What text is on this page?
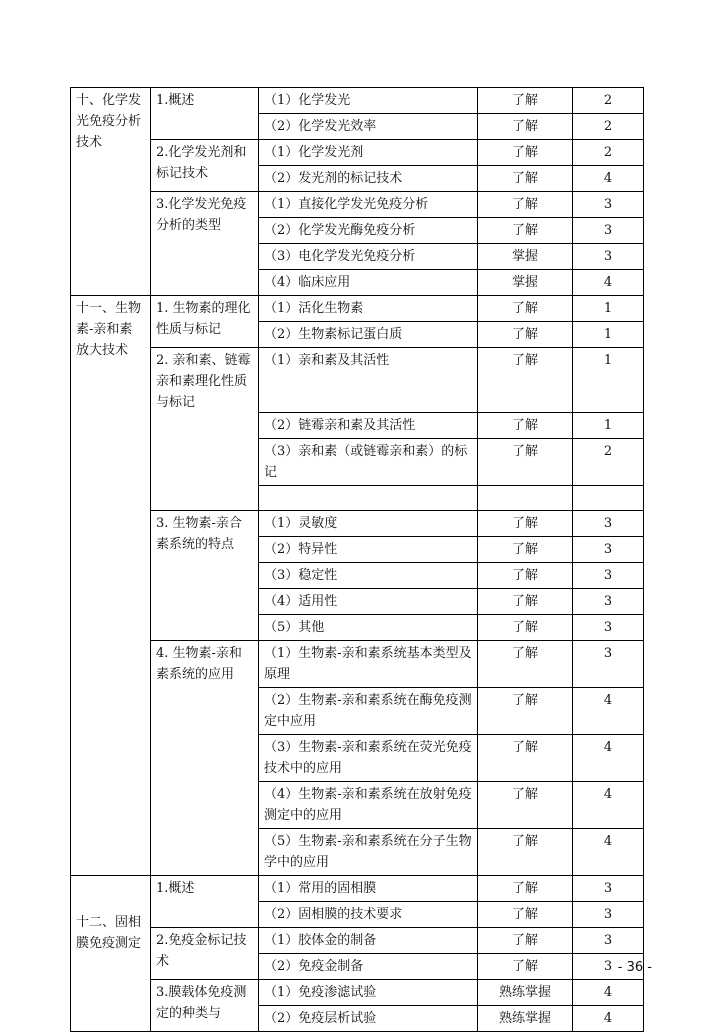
十、化学发光免疫分析技术	1.概述	（1）化学发光	了解	2
		（2）化学发光效率	了解	2
	2.化学发光剂和标记技术	（1）化学发光剂	了解	2
		（2）发光剂的标记技术	了解	4
	3.化学发光免疫分析的类型	（1）直接化学发光免疫分析	了解	3
		（2）化学发光酶免疫分析	了解	3
		（3）电化学发光免疫分析	掌握	3
		（4）临床应用	掌握	4
十一、生物素-亲和素放大技术	1. 生物素的理化性质与标记	（1）活化生物素	了解	1
		（2）生物素标记蛋白质	了解	1
	2. 亲和素、链霉亲和素理化性质与标记	（1）亲和素及其活性	了解	1
		（2）链霉亲和素及其活性	了解	1
		（3）亲和素（或链霉亲和素）的标记	了解	2

	3. 生物素-亲合素系统的特点	（1）灵敏度	了解	3
		（2）特异性	了解	3
		（3）稳定性	了解	3
		（4）适用性	了解	3
		（5）其他	了解	3
	4. 生物素-亲和素系统的应用	（1）生物素-亲和素系统基本类型及原理	了解	3
		（2）生物素-亲和素系统在酶免疫测定中应用	了解	4
		（3）生物素-亲和素系统在荧光免疫技术中的应用	了解	4
		（4）生物素-亲和素系统在放射免疫测定中的应用	了解	4
		（5）生物素-亲和素系统在分子生物学中的应用	了解	4
十二、固相膜免疫测定	1.概述	（1）常用的固相膜	了解	3
		（2）固相膜的技术要求	了解	3
	2.免疫金标记技术	（1）胶体金的制备	了解	3
		（2）免疫金制备	了解	3
	3.膜载体免疫测定的种类与	（1）免疫渗滤试验	熟练掌握	4
		（2）免疫层析试验	熟练掌握	4
- 36 -
